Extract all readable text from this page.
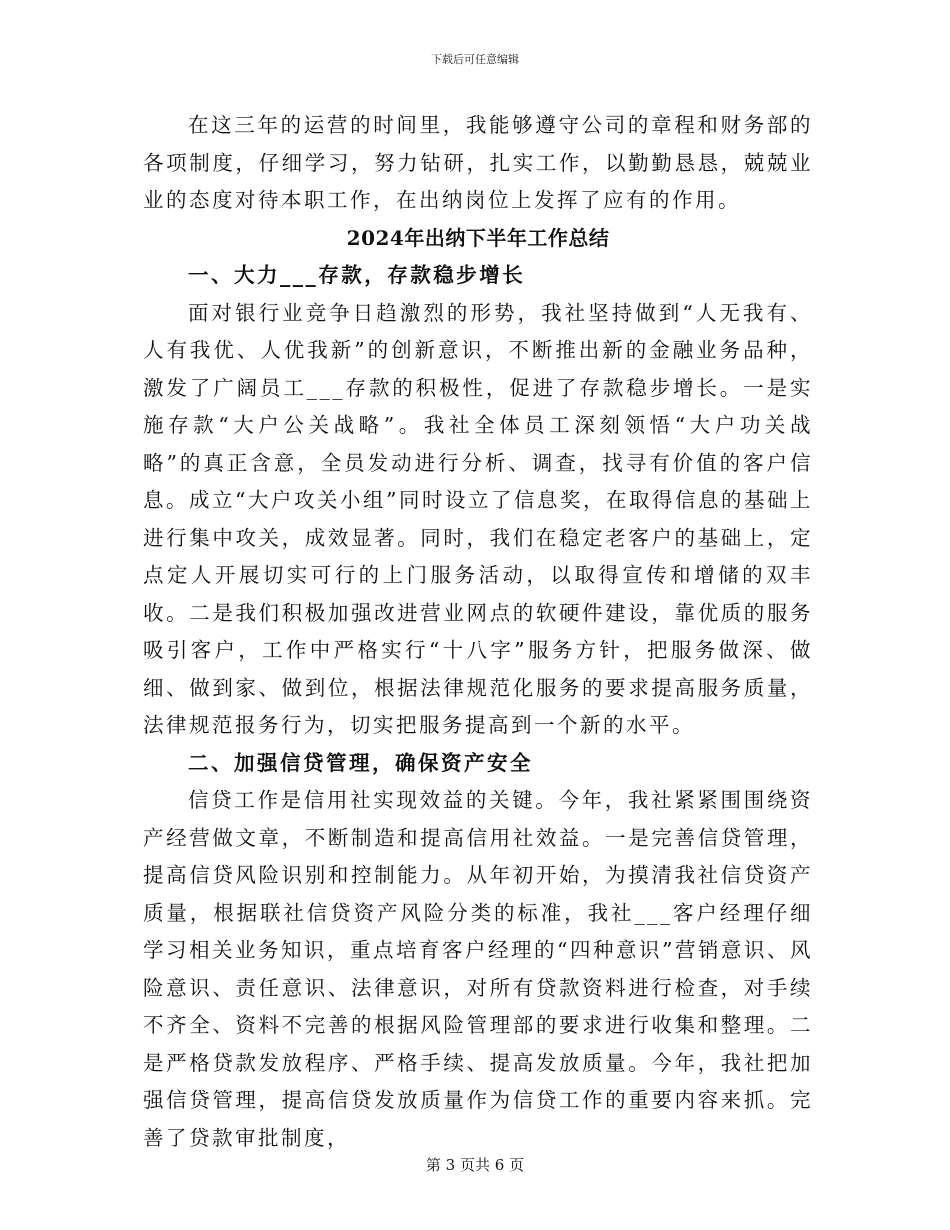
下载后可任意编辑

在这三年的运营的时间里，我能够遵守公司的章程和财务部的各项制度，仔细学习，努力钻研，扎实工作，以勤勤恳恳，兢兢业业的态度对待本职工作，在出纳岗位上发挥了应有的作用。

2024年出纳下半年工作总结
一、大力___存款，存款稳步增长

面对银行业竞争日趋激烈的形势，我社坚持做到“人无我有、人有我优、人优我新”的创新意识，不断推出新的金融业务品种，激发了广阔员工___存款的积极性，促进了存款稳步增长。一是实施存款“大户公关战略”。我社全体员工深刻领悟“大户功关战略”的真正含意，全员发动进行分析、调查，找寻有价值的客户信息。成立“大户攻关小组”同时设立了信息奖，在取得信息的基础上进行集中攻关，成效显著。同时，我们在稳定老客户的基础上，定点定人开展切实可行的上门服务活动，以取得宣传和增储的双丰收。二是我们积极加强改进营业网点的软硬件建设，靠优质的服务吸引客户，工作中严格实行“十八字”服务方针，把服务做深、做细、做到家、做到位，根据法律规范化服务的要求提高服务质量，法律规范报务行为，切实把服务提高到一个新的水平。

二、加强信贷管理，确保资产安全

信贷工作是信用社实现效益的关键。今年，我社紧紧围围绕资产经营做文章，不断制造和提高信用社效益。一是完善信贷管理，提高信贷风险识别和控制能力。从年初开始，为摸清我社信贷资产质量，根据联社信贷资产风险分类的标准，我社___客户经理仔细学习相关业务知识，重点培育客户经理的“四种意识”营销意识、风险意识、责任意识、法律意识，对所有贷款资料进行检查，对手续不齐全、资料不完善的根据风险管理部的要求进行收集和整理。二是严格贷款发放程序、严格手续、提高发放质量。今年，我社把加强信贷管理，提高信贷发放质量作为信贷工作的重要内容来抓。完善了贷款审批制度，

第 3 页共 6 页
